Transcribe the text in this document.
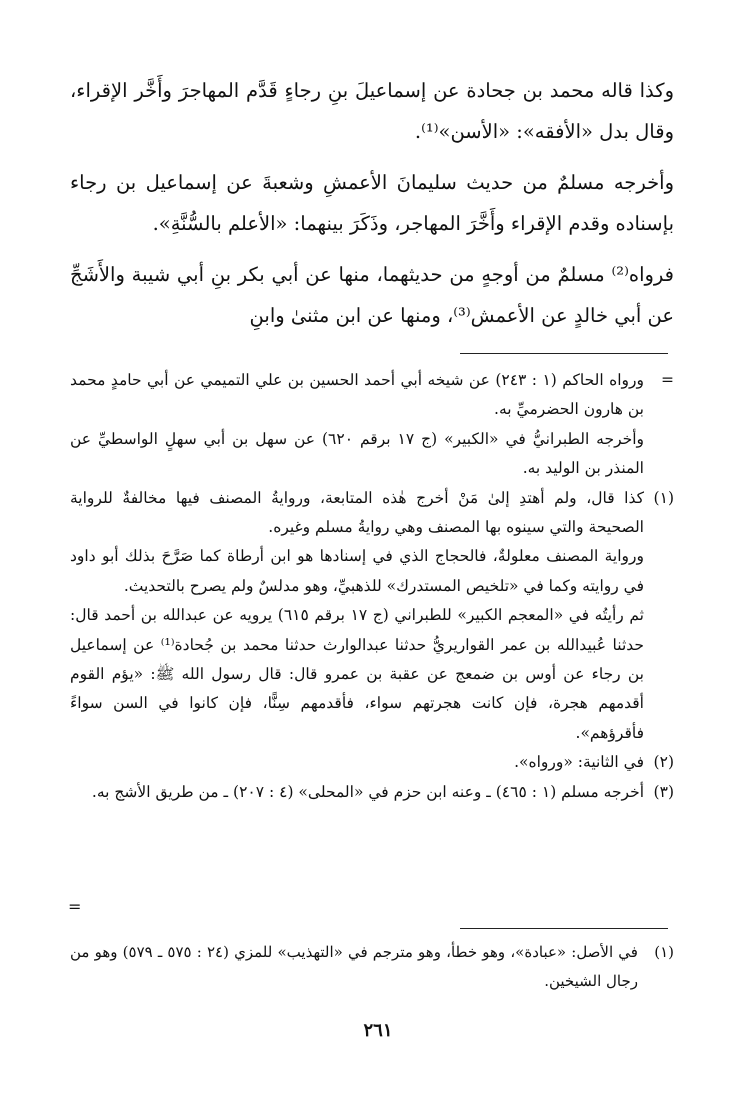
وكذا قاله محمد بن جحادة عن إسماعيلَ بنِ رجاءٍ قَدَّم المهاجرَ وأَخَّر الإقراء، وقال بدل «الأفقه»: «الأسن»⁽¹⁾.

وأخرجه مسلمٌ من حديث سليمانَ الأعمشِ وشعبةَ عن إسماعيل بن رجاء بإسناده وقدم الإقراء وأَخَّرَ المهاجر، وذَكَرَ بينهما: «الأعلم بالسُّنَّةِ».

فرواه⁽²⁾ مسلمٌ من أوجهٍ من حديثهما، منها عن أبي بكر بنِ أبي شيبة والأَشَجِّ عن أبي خالدٍ عن الأعمش⁽³⁾، ومنها عن ابن مثنىٰ وابنِ

=
ورواه الحاكم (١ : ٢٤٣) عن شيخه أبي أحمد الحسين بن علي التميمي عن أبي حامدٍ محمد بن هارون الحضرميِّ به.
وأخرجه الطبرانيُّ في «الكبير» (ج ١٧ برقم ٦٢٠) عن سهل بن أبي سهلٍ الواسطيِّ عن المنذر بن الوليد به.
(١)
كذا قال، ولم أهتدِ إلىٰ مَنْ أخرج هٰذه المتابعة، وروايةُ المصنف فيها مخالفةٌ للرواية الصحيحة والتي سينوه بها المصنف وهي روايةُ مسلم وغيره.
ورواية المصنف معلولةٌ، فالحجاج الذي في إسنادها هو ابن أرطاة كما صَرَّحَ بذلك أبو داود في روايته وكما في «تلخيص المستدرك» للذهبيِّ، وهو مدلسٌ ولم يصرح بالتحديث.
ثم رأيتُه في «المعجم الكبير» للطبراني (ج ١٧ برقم ٦١٥) يرويه عن عبدالله بن أحمد قال: حدثنا عُبيدالله بن عمر القواريريُّ حدثنا عبدالوارث حدثنا محمد بن جُحادة⁽¹⁾ عن إسماعيل بن رجاء عن أوس بن ضمعج عن عقبة بن عمرو قال: قال رسول الله ﷺ: «يؤم القوم أقدمهم هجرة، فإن كانت هجرتهم سواء، فأقدمهم سِنًّا، فإن كانوا في السن سواءً فأقرؤهم».
(٢)
في الثانية: «ورواه».
(٣)
أخرجه مسلم (١ : ٤٦٥) ـ وعنه ابن حزم في «المحلى» (٤ : ٢٠٧) ـ من طريق الأشج به.
=
(١)
في الأصل: «عبادة»، وهو خطأ، وهو مترجم في «التهذيب» للمزي (٢٤ : ٥٧٥ ـ ٥٧٩) وهو من رجال الشيخين.
٢٦١
